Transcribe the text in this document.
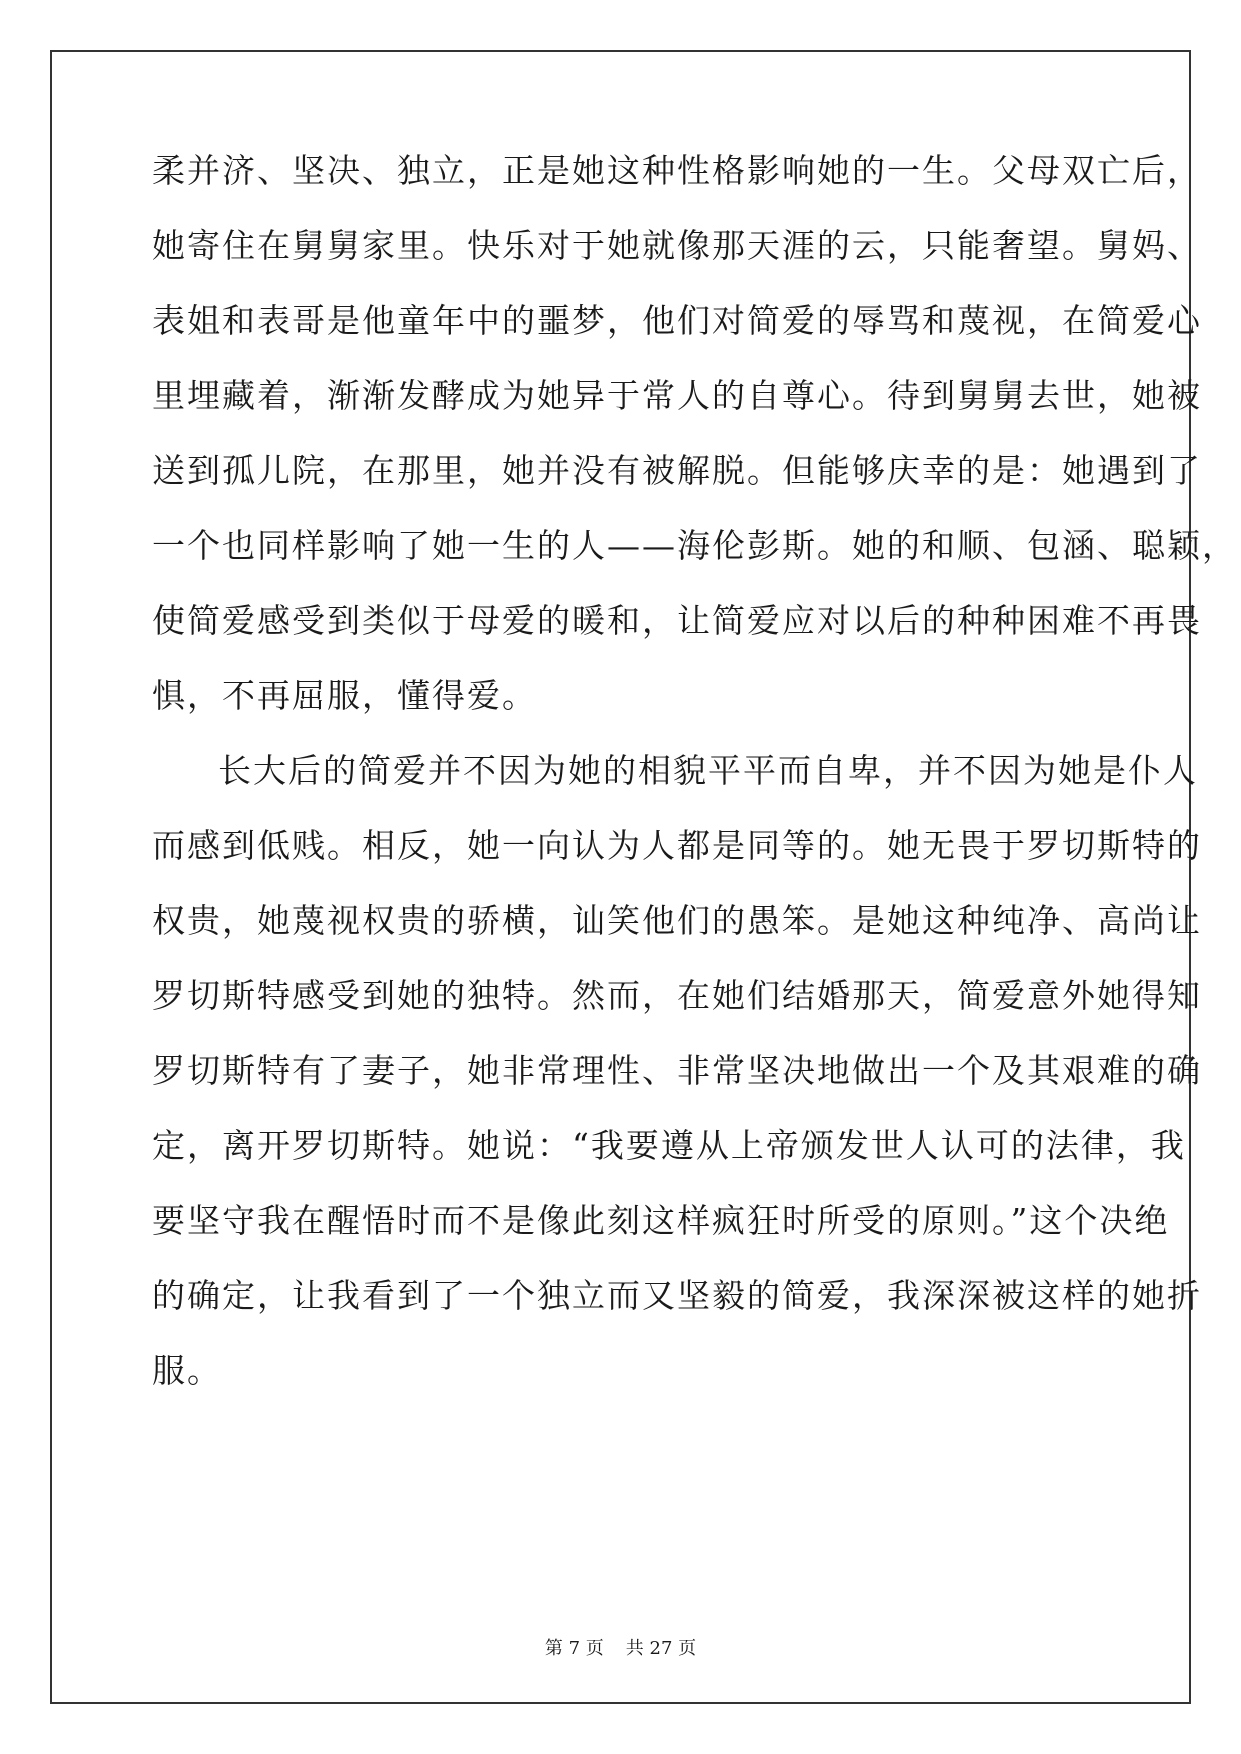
柔并济、坚决、独立，正是她这种性格影响她的一生。父母双亡后，
她寄住在舅舅家里。快乐对于她就像那天涯的云，只能奢望。舅妈、
表姐和表哥是他童年中的噩梦，他们对简爱的辱骂和蔑视，在简爱心
里埋藏着，渐渐发酵成为她异于常人的自尊心。待到舅舅去世，她被
送到孤儿院，在那里，她并没有被解脱。但能够庆幸的是：她遇到了
一个也同样影响了她一生的人——海伦彭斯。她的和顺、包涵、聪颖，
使简爱感受到类似于母爱的暖和，让简爱应对以后的种种困难不再畏
惧，不再屈服，懂得爱。
长大后的简爱并不因为她的相貌平平而自卑，并不因为她是仆人
而感到低贱。相反，她一向认为人都是同等的。她无畏于罗切斯特的
权贵，她蔑视权贵的骄横，讪笑他们的愚笨。是她这种纯净、高尚让
罗切斯特感受到她的独特。然而，在她们结婚那天，简爱意外她得知
罗切斯特有了妻子，她非常理性、非常坚决地做出一个及其艰难的确
定，离开罗切斯特。她说：“我要遵从上帝颁发世人认可的法律，我
要坚守我在醒悟时而不是像此刻这样疯狂时所受的原则。”这个决绝
的确定，让我看到了一个独立而又坚毅的简爱，我深深被这样的她折
服。
第 7 页 共 27 页
